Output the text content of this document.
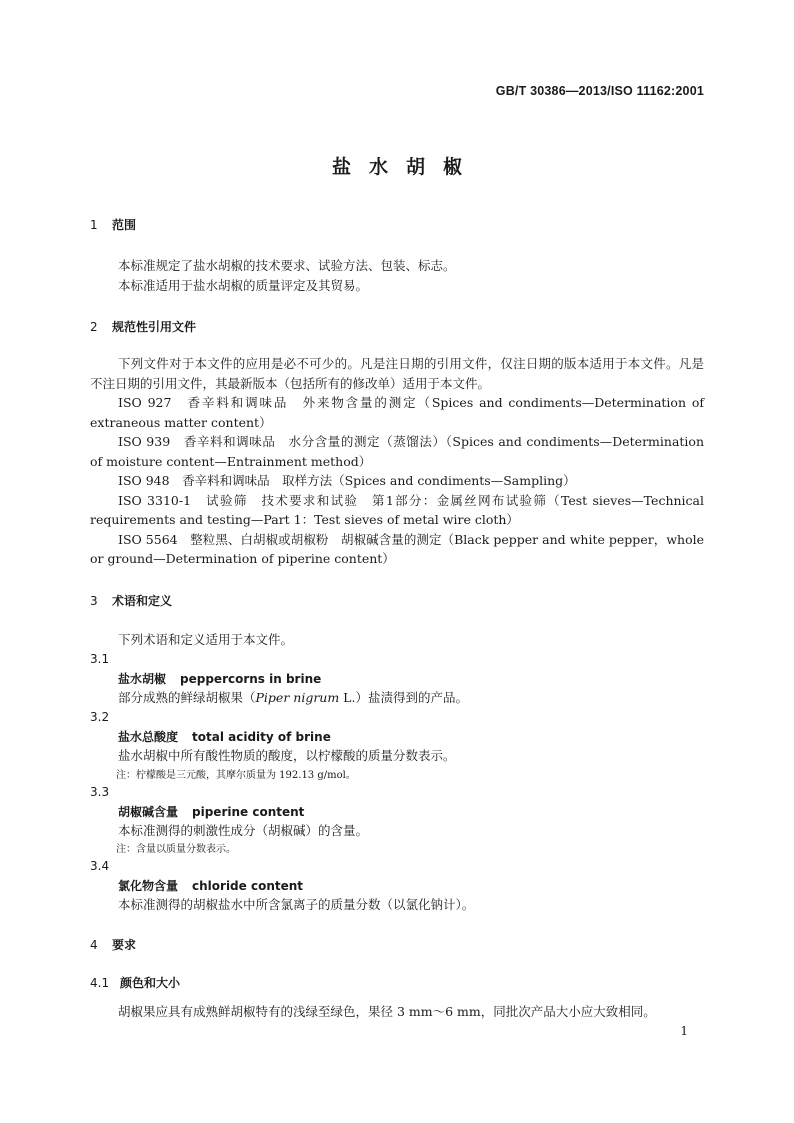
GB/T 30386—2013/ISO 11162:2001
盐水胡椒
1 范围

本标准规定了盐水胡椒的技术要求、试验方法、包装、标志。

本标准适用于盐水胡椒的质量评定及其贸易。

2 规范性引用文件

下列文件对于本文件的应用是必不可少的。凡是注日期的引用文件，仅注日期的版本适用于本文件。凡是不注日期的引用文件，其最新版本（包括所有的修改单）适用于本文件。

ISO 927　香辛料和调味品　外来物含量的测定（Spices and condiments—Determination of extraneous matter content）

ISO 939　香辛料和调味品　水分含量的测定（蒸馏法）（Spices and condiments—Determination of moisture content—Entrainment method）

ISO 948　香辛料和调味品　取样方法（Spices and condiments—Sampling）

ISO 3310-1　试验筛　技术要求和试验　第1部分：金属丝网布试验筛（Test sieves—Technical requirements and testing—Part 1：Test sieves of metal wire cloth）

ISO 5564　整粒黑、白胡椒或胡椒粉　胡椒碱含量的测定（Black pepper and white pepper，whole or ground—Determination of piperine content）

3 术语和定义
下列术语和定义适用于本文件。
3.1
盐水胡椒 peppercorns in brine
部分成熟的鲜绿胡椒果（Piper nigrum L.）盐渍得到的产品。
3.2
盐水总酸度 total acidity of brine
盐水胡椒中所有酸性物质的酸度，以柠檬酸的质量分数表示。
注：柠檬酸是三元酸，其摩尔质量为 192.13 g/mol。
3.3
胡椒碱含量 piperine content
本标准测得的刺激性成分（胡椒碱）的含量。
注：含量以质量分数表示。
3.4
氯化物含量 chloride content
本标准测得的胡椒盐水中所含氯离子的质量分数（以氯化钠计）。
4 要求
4.1 颜色和大小
胡椒果应具有成熟鲜胡椒特有的浅绿至绿色，果径 3 mm～6 mm，同批次产品大小应大致相同。
1
